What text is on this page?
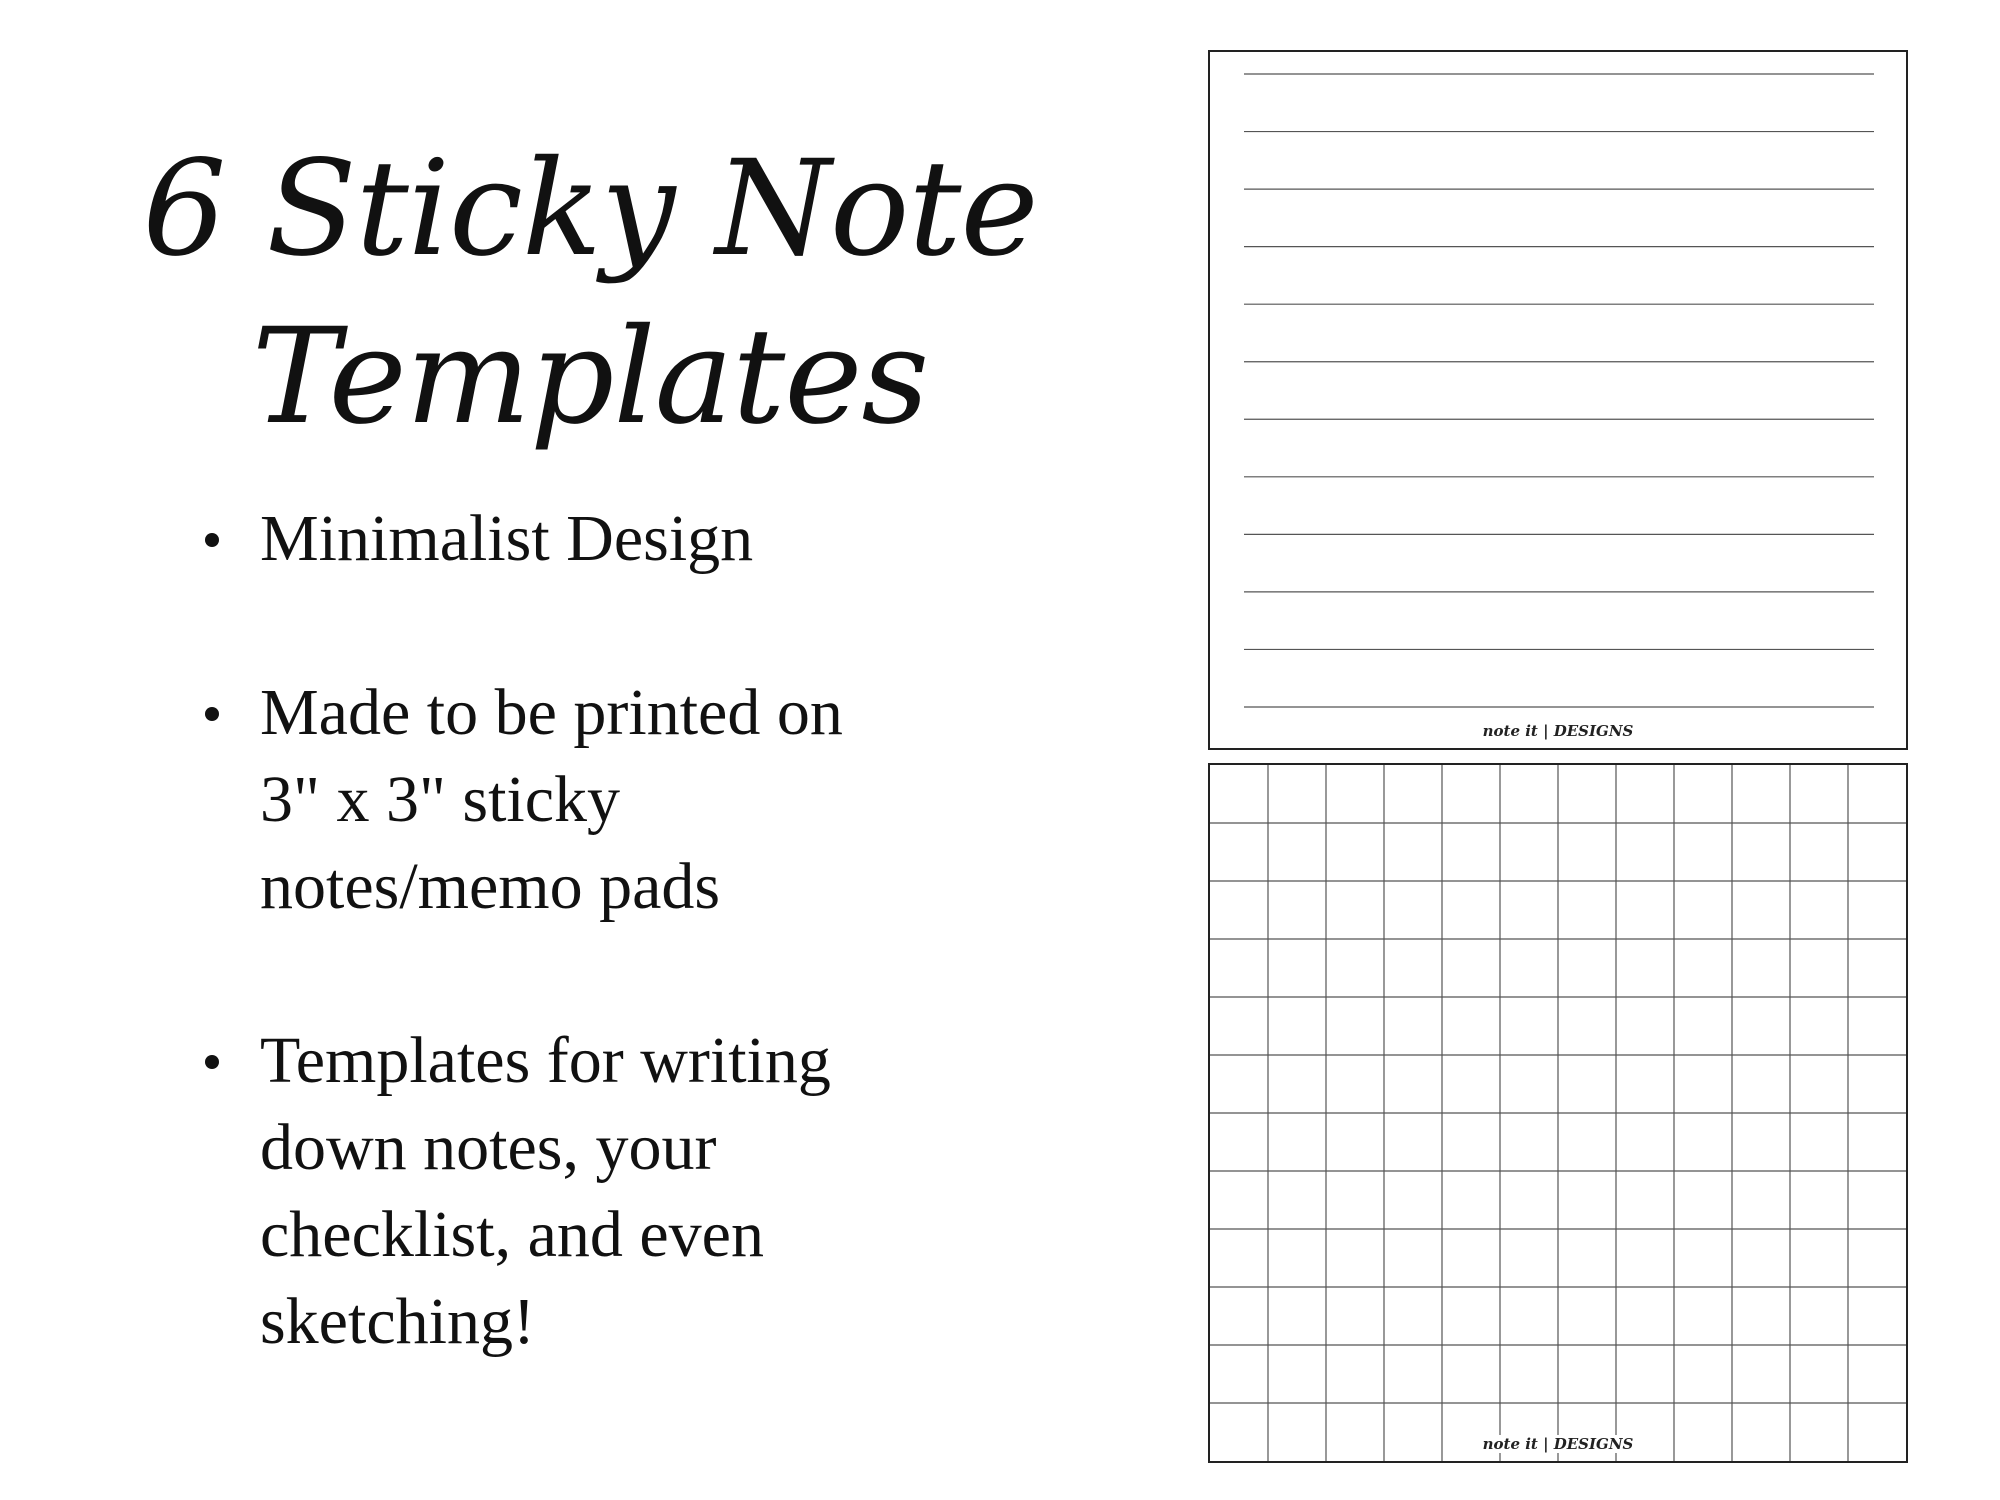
6 Sticky Note
Templates
Minimalist Design
Made to be printed on
3" x 3" sticky
notes/memo pads
Templates for writing
down notes, your
checklist, and even
sketching!
note it | DESIGNS
note it | DESIGNS
